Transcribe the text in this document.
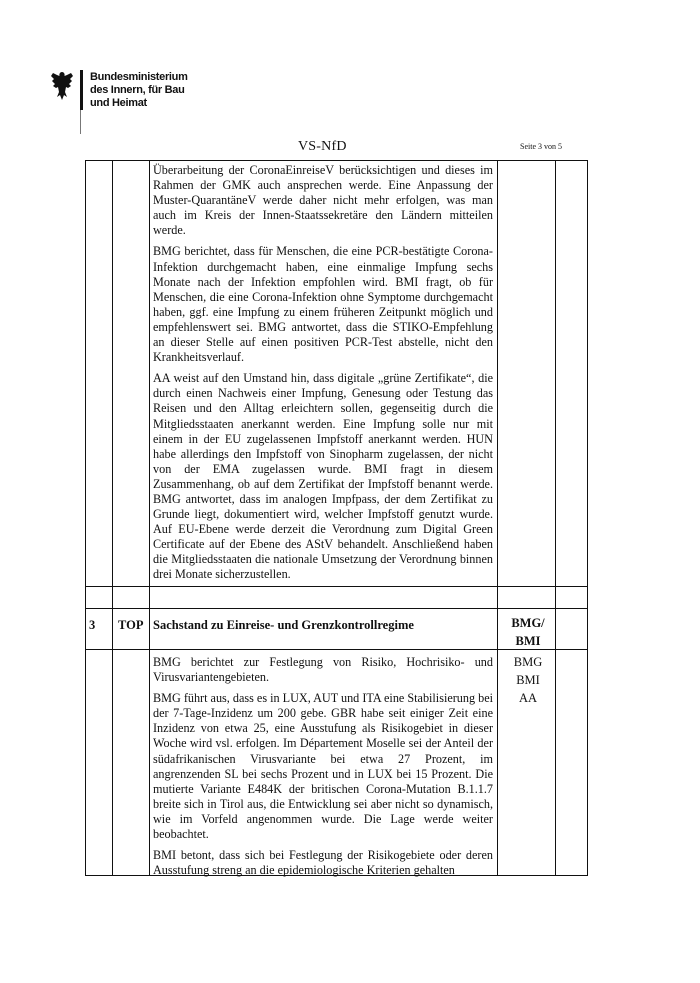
Bundesministerium
des Innern, für Bau
und Heimat
VS-NfD	Seite 3 von 5

Überarbeitung der CoronaEinreiseV berücksichtigen und dieses im Rahmen der GMK auch ansprechen werde. Eine Anpassung der Muster-QuarantäneV werde daher nicht mehr erfolgen, was man auch im Kreis der Innen-Staatssekretäre den Ländern mitteilen werde.

BMG berichtet, dass für Menschen, die eine PCR-bestätigte Corona-Infektion durchgemacht haben, eine einmalige Impfung sechs Monate nach der Infektion empfohlen wird. BMI fragt, ob für Menschen, die eine Corona-Infektion ohne Symptome durchgemacht haben, ggf. eine Impfung zu einem früheren Zeitpunkt möglich und empfehlenswert sei. BMG antwortet, dass die STIKO-Empfehlung an dieser Stelle auf einen positiven PCR-Test abstelle, nicht den Krankheitsverlauf.

AA weist auf den Umstand hin, dass digitale „grüne Zertifikate“, die durch einen Nachweis einer Impfung, Genesung oder Testung das Reisen und den Alltag erleichtern sollen, gegenseitig durch die Mitgliedsstaaten anerkannt werden. Eine Impfung solle nur mit einem in der EU zugelassenen Impfstoff anerkannt werden. HUN habe allerdings den Impfstoff von Sinopharm zugelassen, der nicht von der EMA zugelassen wurde. BMI fragt in diesem Zusammenhang, ob auf dem Zertifikat der Impfstoff benannt werde. BMG antwortet, dass im analogen Impfpass, der dem Zertifikat zu Grunde liegt, dokumentiert wird, welcher Impfstoff genutzt wurde. Auf EU-Ebene werde derzeit die Verordnung zum Digital Green Certificate auf der Ebene des AStV behandelt. Anschließend haben die Mitgliedsstaaten die nationale Umsetzung der Verordnung binnen drei Monate sicherzustellen.

3 TOP Sachstand zu Einreise- und Grenzkontrollregime	BMG/
BMI

BMG berichtet zur Festlegung von Risiko, Hochrisiko- und Virusvariantengebieten.

BMG führt aus, dass es in LUX, AUT und ITA eine Stabilisierung bei der 7-Tage-Inzidenz um 200 gebe. GBR habe seit einiger Zeit eine Inzidenz von etwa 25, eine Ausstufung als Risikogebiet in dieser Woche wird vsl. erfolgen. Im Département Moselle sei der Anteil der südafrikanischen Virusvariante bei etwa 27 Prozent, im angrenzenden SL bei sechs Prozent und in LUX bei 15 Prozent. Die mutierte Variante E484K der britischen Corona-Mutation B.1.1.7 breite sich in Tirol aus, die Entwicklung sei aber nicht so dynamisch, wie im Vorfeld angenommen wurde. Die Lage werde weiter beobachtet.

BMI betont, dass sich bei Festlegung der Risikogebiete oder deren Ausstufung streng an die epidemiologische Kriterien gehalten

BMG
BMI
AA
